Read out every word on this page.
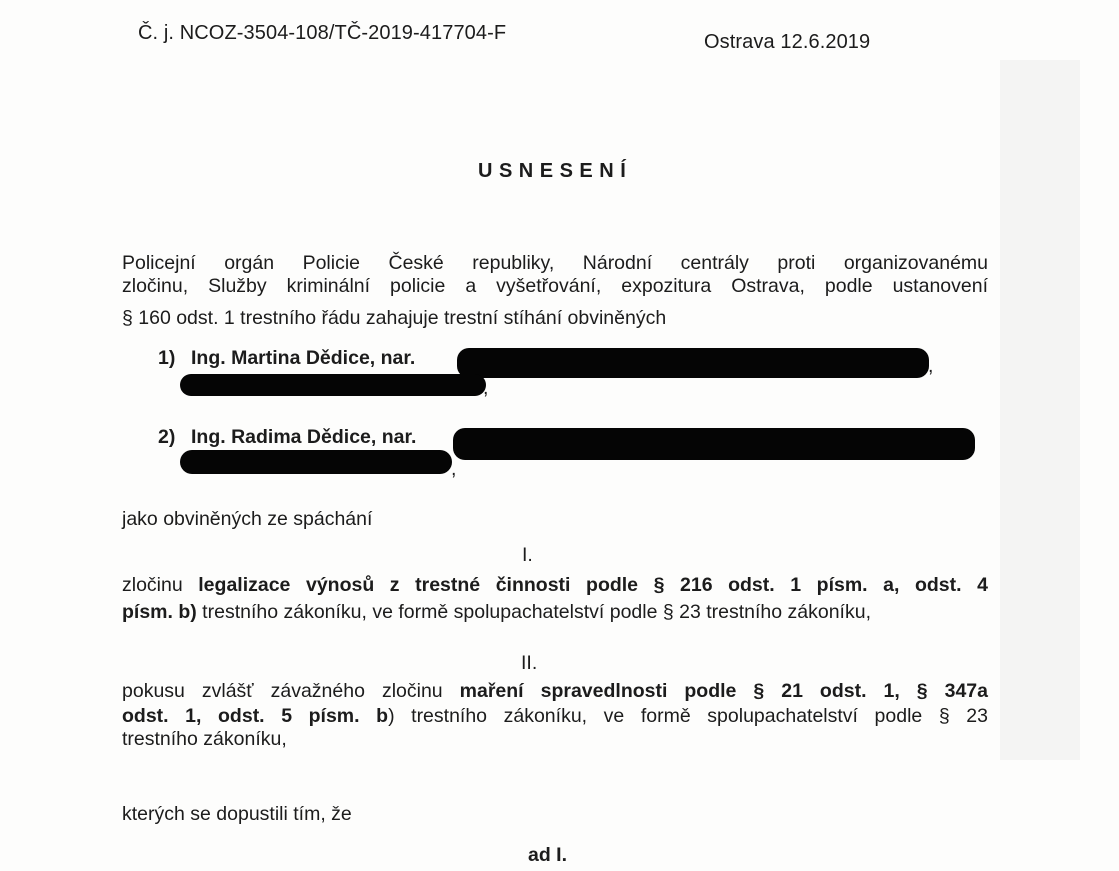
Č. j. NCOZ-3504-108/TČ-2019-417704-F	Ostrava 12.6.2019
USNESENÍ
Policejní orgán Policie České republiky, Národní centrály proti organizovanému
zločinu, Služby kriminální policie a vyšetřování, expozitura Ostrava, podle ustanovení
§ 160 odst. 1 trestního řádu zahajuje trestní stíhání obviněných
1) Ing. Martina Dědice, nar.	,
,
2) Ing. Radima Dědice, nar.
,
jako obviněných ze spáchání
I.
zločinu legalizace výnosů z trestné činnosti podle § 216 odst. 1 písm. a, odst. 4
písm. b) trestního zákoníku, ve formě spolupachatelství podle § 23 trestního zákoníku,
II.
pokusu zvlášť závažného zločinu maření spravedlnosti podle § 21 odst. 1, § 347a
odst. 1, odst. 5 písm. b) trestního zákoníku, ve formě spolupachatelství podle § 23
trestního zákoníku,
kterých se dopustili tím, že
ad I.
